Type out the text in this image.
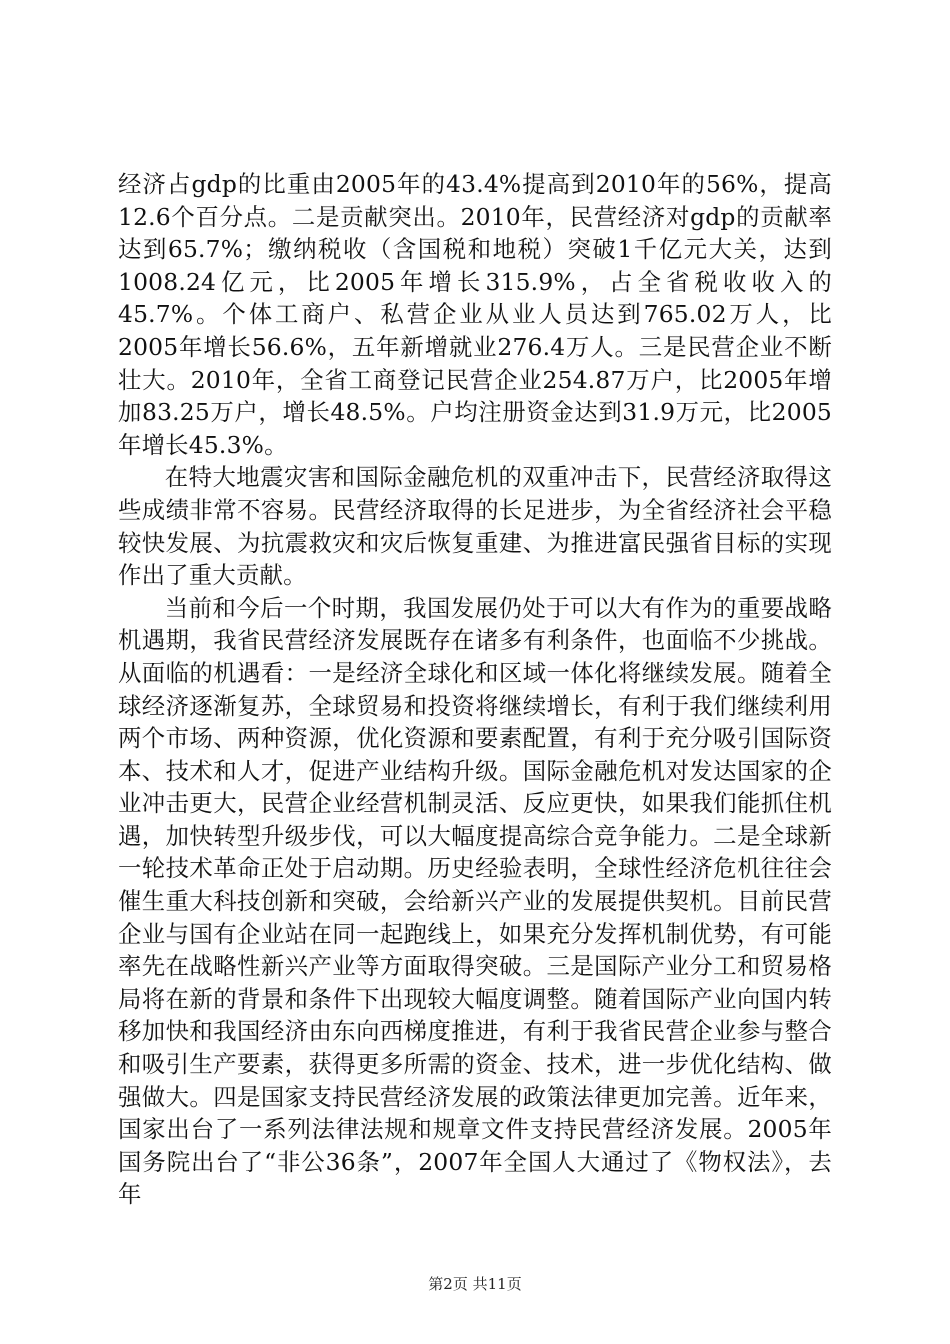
经济占gdp的比重由2005年的43.4%提高到2010年的56%，提高12.6个百分点。二是贡献突出。2010年，民营经济对gdp的贡献率达到65.7%；缴纳税收（含国税和地税）突破1千亿元大关，达到1008.24亿元，比2005年增长315.9%，占全省税收收入的45.7%。个体工商户、私营企业从业人员达到765.02万人，比2005年增长56.6%，五年新增就业276.4万人。三是民营企业不断壮大。2010年，全省工商登记民营企业254.87万户，比2005年增加83.25万户，增长48.5%。户均注册资金达到31.9万元，比2005年增长45.3%。

在特大地震灾害和国际金融危机的双重冲击下，民营经济取得这些成绩非常不容易。民营经济取得的长足进步，为全省经济社会平稳较快发展、为抗震救灾和灾后恢复重建、为推进富民强省目标的实现作出了重大贡献。

当前和今后一个时期，我国发展仍处于可以大有作为的重要战略机遇期，我省民营经济发展既存在诸多有利条件，也面临不少挑战。从面临的机遇看：一是经济全球化和区域一体化将继续发展。随着全球经济逐渐复苏，全球贸易和投资将继续增长，有利于我们继续利用两个市场、两种资源，优化资源和要素配置，有利于充分吸引国际资本、技术和人才，促进产业结构升级。国际金融危机对发达国家的企业冲击更大，民营企业经营机制灵活、反应更快，如果我们能抓住机遇，加快转型升级步伐，可以大幅度提高综合竞争能力。二是全球新一轮技术革命正处于启动期。历史经验表明，全球性经济危机往往会催生重大科技创新和突破，会给新兴产业的发展提供契机。目前民营企业与国有企业站在同一起跑线上，如果充分发挥机制优势，有可能率先在战略性新兴产业等方面取得突破。三是国际产业分工和贸易格局将在新的背景和条件下出现较大幅度调整。随着国际产业向国内转移加快和我国经济由东向西梯度推进，有利于我省民营企业参与整合和吸引生产要素，获得更多所需的资金、技术，进一步优化结构、做强做大。四是国家支持民营经济发展的政策法律更加完善。近年来，国家出台了一系列法律法规和规章文件支持民营经济发展。2005年国务院出台了“非公36条”，2007年全国人大通过了《物权法》，去年

第2页 共11页
